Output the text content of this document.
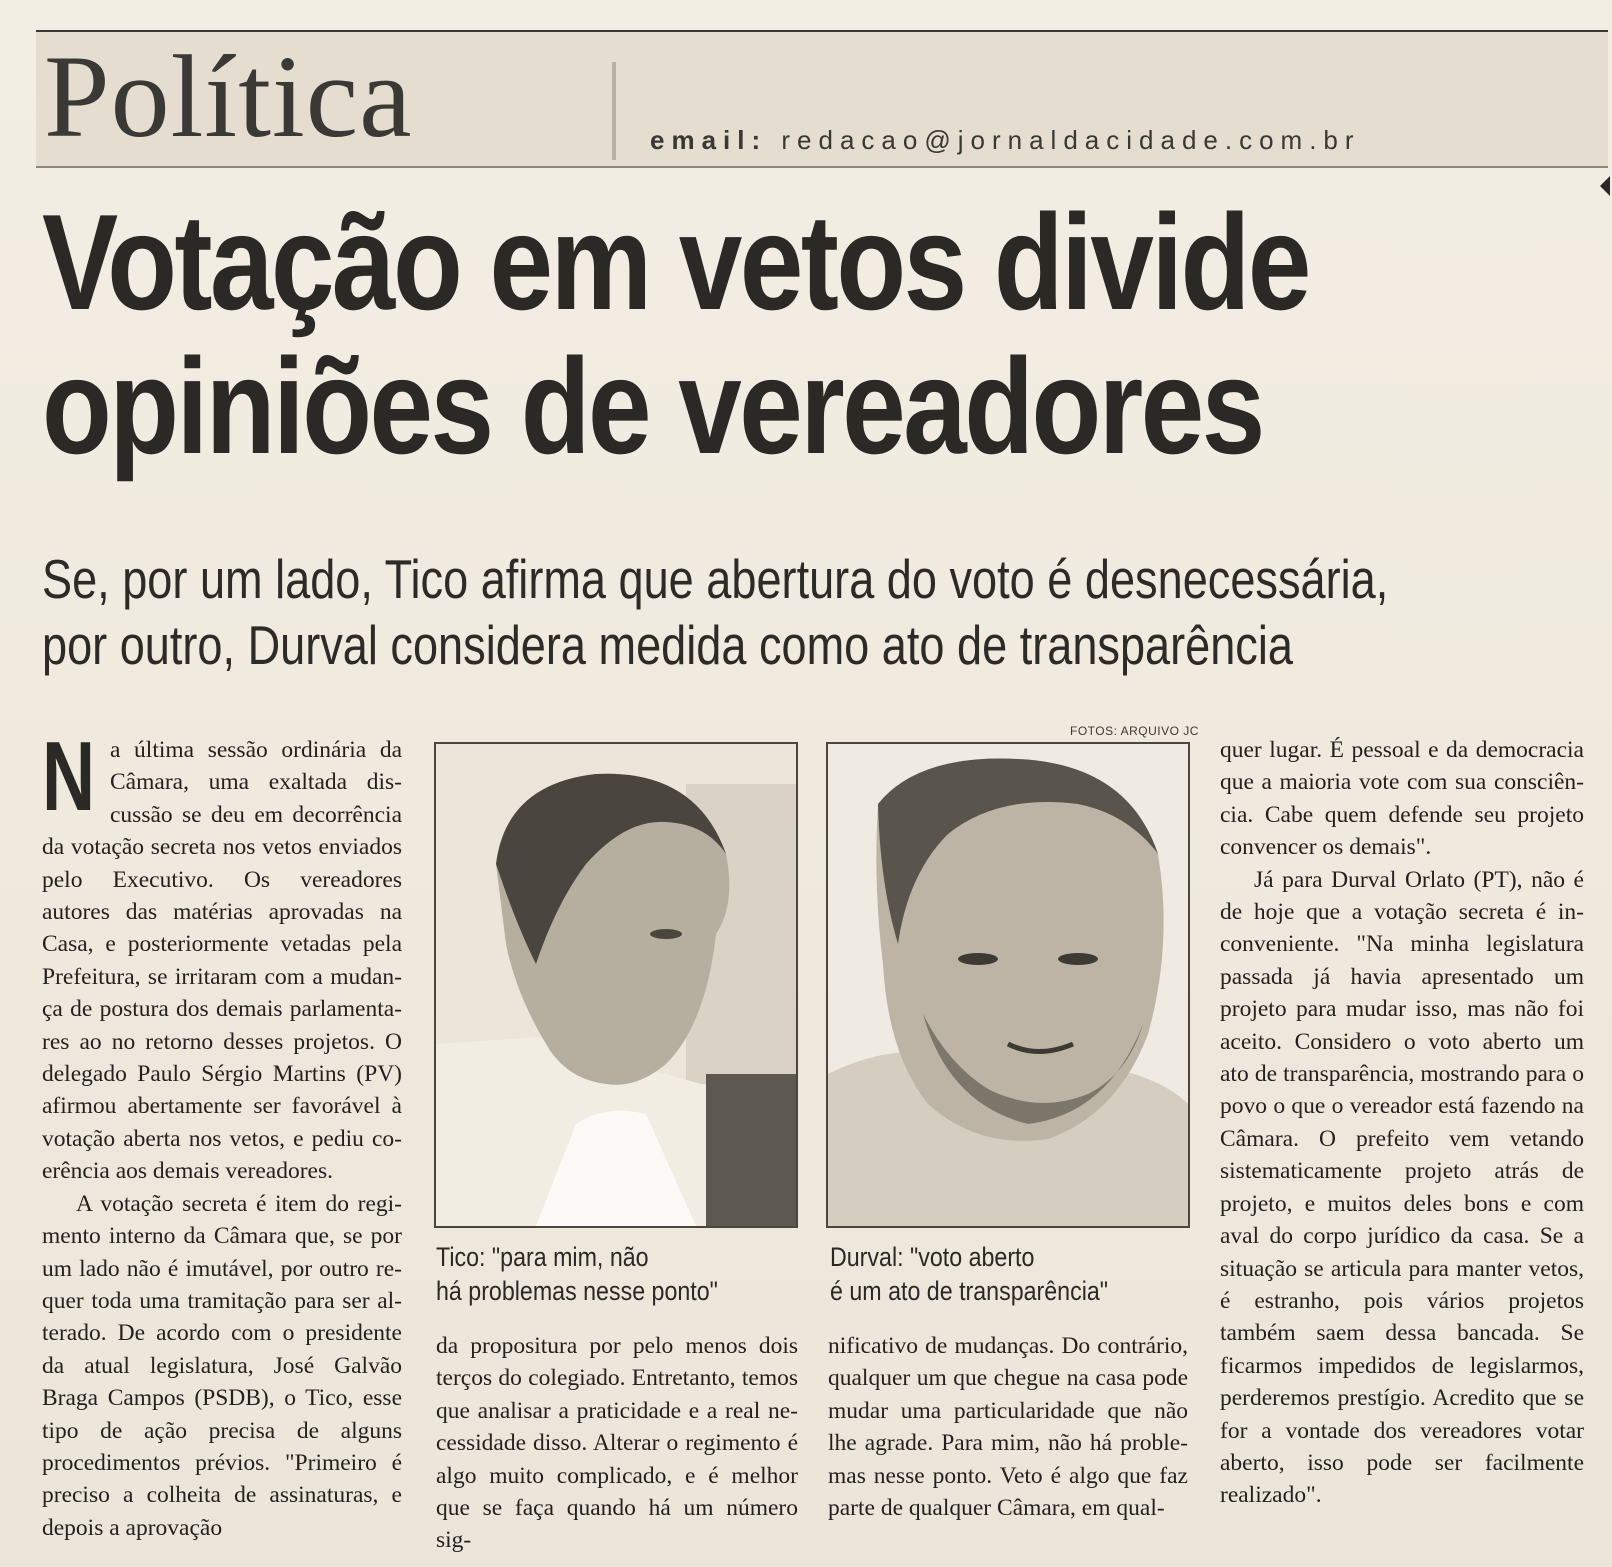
Política	email: redacao@jornaldacidade.com.br
Votação em vetos divide
opiniões de vereadores
Se, por um lado, Tico afirma que abertura do voto é desnecessária,
por outro, Durval considera medida como ato de transparência

Na última sessão ordinária da Câmara, uma exaltada discussão se deu em decorrência da votação secreta nos vetos enviados pelo Executivo. Os vereadores autores das matérias aprovadas na Casa, e posteriormente vetadas pela Prefeitura, se irritaram com a mudança de postura dos demais parlamentares ao no retorno desses projetos. O delegado Paulo Sérgio Martins (PV) afirmou abertamente ser favorável à votação aberta nos vetos, e pediu coerência aos demais vereadores.

A votação secreta é item do regimento interno da Câmara que, se por um lado não é imutável, por outro requer toda uma tramitação para ser alterado. De acordo com o presidente da atual legislatura, José Galvão Braga Campos (PSDB), o Tico, esse tipo de ação precisa de alguns procedimentos prévios. "Primeiro é preciso a colheita de assinaturas, e depois a aprovação

FOTOS: ARQUIVO JC
Tico: "para mim, não
há problemas nesse ponto"
Durval: "voto aberto
é um ato de transparência"

da propositura por pelo menos dois terços do colegiado. Entretanto, temos que analisar a praticidade e a real necessidade disso. Alterar o regimento é algo muito complicado, e é melhor que se faça quando há um número sig-

nificativo de mudanças. Do contrário, qualquer um que chegue na casa pode mudar uma particularidade que não lhe agrade. Para mim, não há problemas nesse ponto. Veto é algo que faz parte de qualquer Câmara, em qual-

quer lugar. É pessoal e da democracia que a maioria vote com sua consciência. Cabe quem defende seu projeto convencer os demais".

Já para Durval Orlato (PT), não é de hoje que a votação secreta é inconveniente. "Na minha legislatura passada já havia apresentado um projeto para mudar isso, mas não foi aceito. Considero o voto aberto um ato de transparência, mostrando para o povo o que o vereador está fazendo na Câmara. O prefeito vem vetando sistematicamente projeto atrás de projeto, e muitos deles bons e com aval do corpo jurídico da casa. Se a situação se articula para manter vetos, é estranho, pois vários projetos também saem dessa bancada. Se ficarmos impedidos de legislarmos, perderemos prestígio. Acredito que se for a vontade dos vereadores votar aberto, isso pode ser facilmente realizado".
